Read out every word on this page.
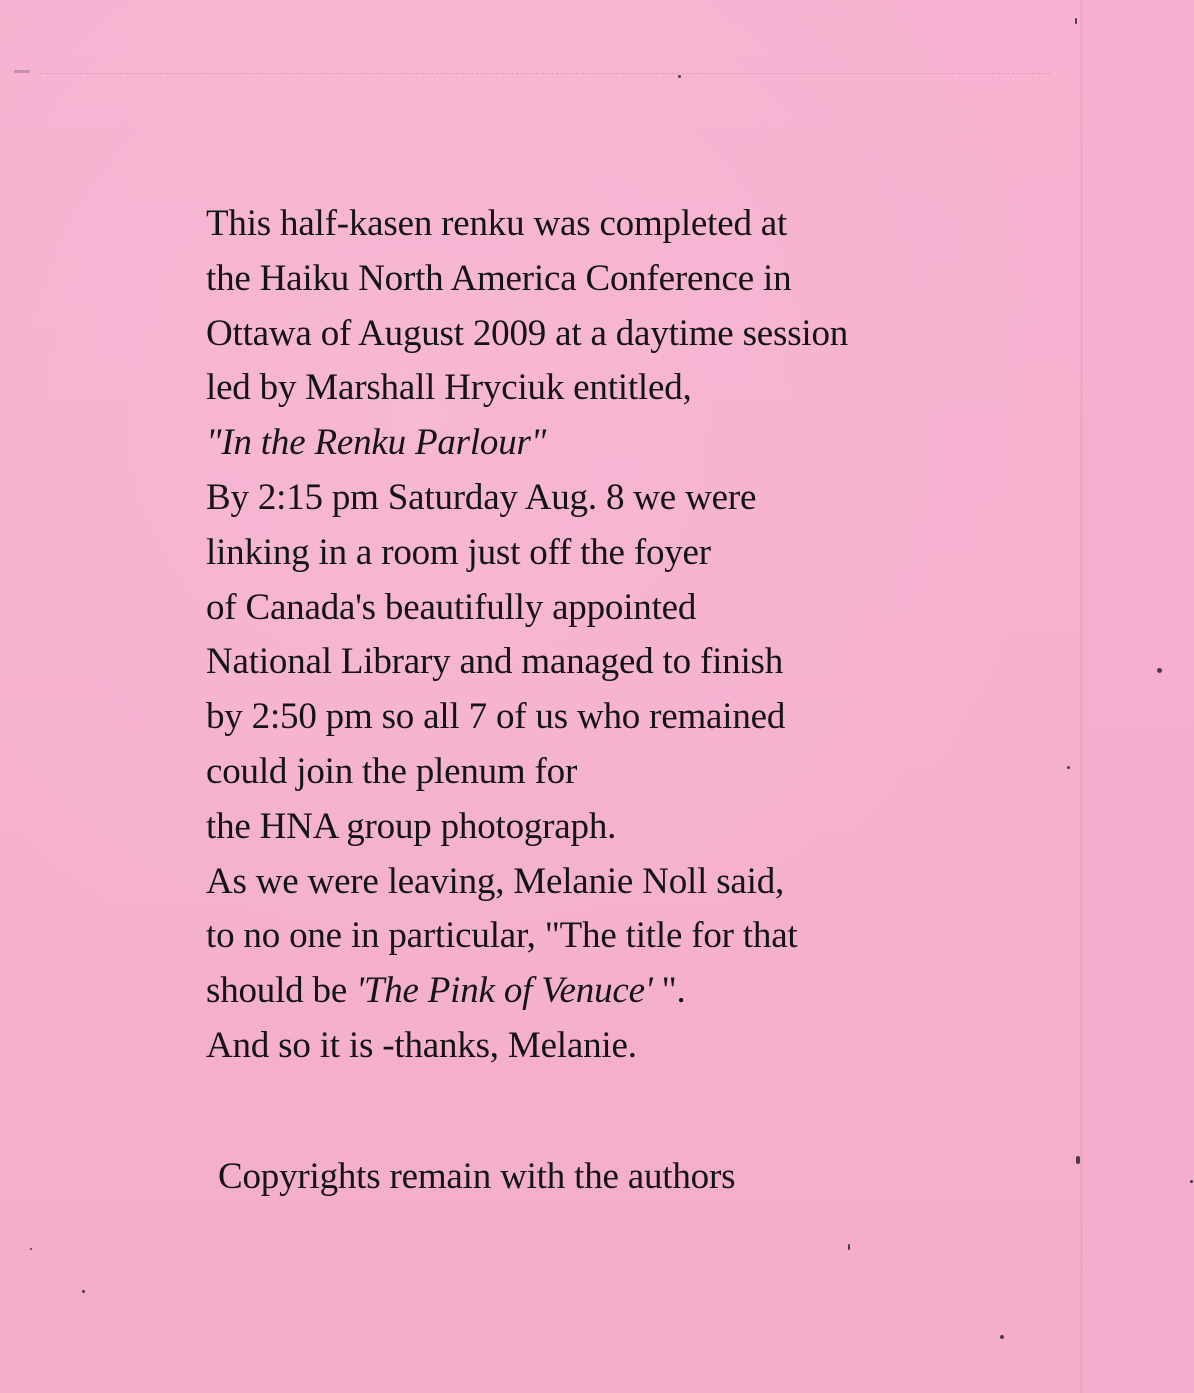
This half-kasen renku was completed at
the Haiku North America Conference in
Ottawa of August 2009 at a daytime session
led by Marshall Hryciuk entitled,
"In the Renku Parlour"
By 2:15 pm Saturday Aug. 8 we were
linking in a room just off the foyer
of Canada's beautifully appointed
National Library and managed to finish
by 2:50 pm so all 7 of us who remained
could join the plenum for
the HNA group photograph.
As we were leaving, Melanie Noll said,
to no one in particular, "The title for that
should be 'The Pink of Venuce' ".
And so it is -thanks, Melanie.
Copyrights remain with the authors
